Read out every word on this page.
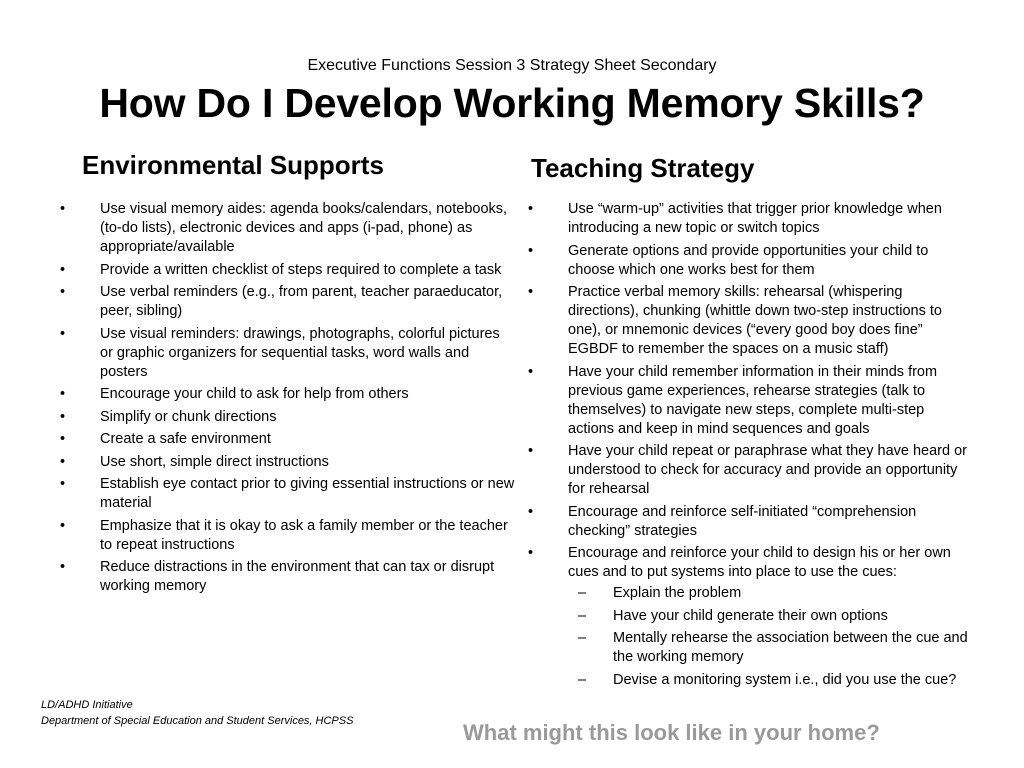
Executive Functions Session 3 Strategy Sheet Secondary
How Do I Develop Working Memory Skills?
Environmental Supports	Teaching Strategy
•	Use visual memory aides: agenda books/calendars, notebooks, (to-do lists), electronic devices and apps (i-pad, phone) as appropriate/available
•	Provide a written checklist of steps required to complete a task
•	Use verbal reminders (e.g., from parent, teacher paraeducator, peer, sibling)
•	Use visual reminders: drawings, photographs, colorful pictures or graphic organizers for sequential tasks, word walls and posters
•	Encourage your child to ask for help from others
•	Simplify or chunk directions
•	Create a safe environment
•	Use short, simple direct instructions
•	Establish eye contact prior to giving essential instructions or new material
•	Emphasize that it is okay to ask a family member or the teacher to repeat instructions
•	Reduce distractions in the environment that can tax or disrupt working memory
•	Use “warm-up” activities that trigger prior knowledge when introducing a new topic or switch topics
•	Generate options and provide opportunities your child to choose which one works best for them
•	Practice verbal memory skills: rehearsal (whispering directions), chunking (whittle down two-step instructions to one), or mnemonic devices (“every good boy does fine” EGBDF to remember the spaces on a music staff)
•	Have your child remember information in their minds from previous game experiences, rehearse strategies (talk to themselves) to navigate new steps, complete multi-step actions and keep in mind sequences and goals
•	Have your child repeat or paraphrase what they have heard or understood to check for accuracy and provide an opportunity for rehearsal
•	Encourage and reinforce self-initiated “comprehension checking” strategies
•	Encourage and reinforce your child to design his or her own cues and to put systems into place to use the cues:
– Explain the problem
– Have your child generate their own options
– Mentally rehearse the association between the cue and the working memory
– Devise a monitoring system i.e., did you use the cue?
LD/ADHD Initiative
Department of Special Education and Student Services, HCPSS	What might this look like in your home?
